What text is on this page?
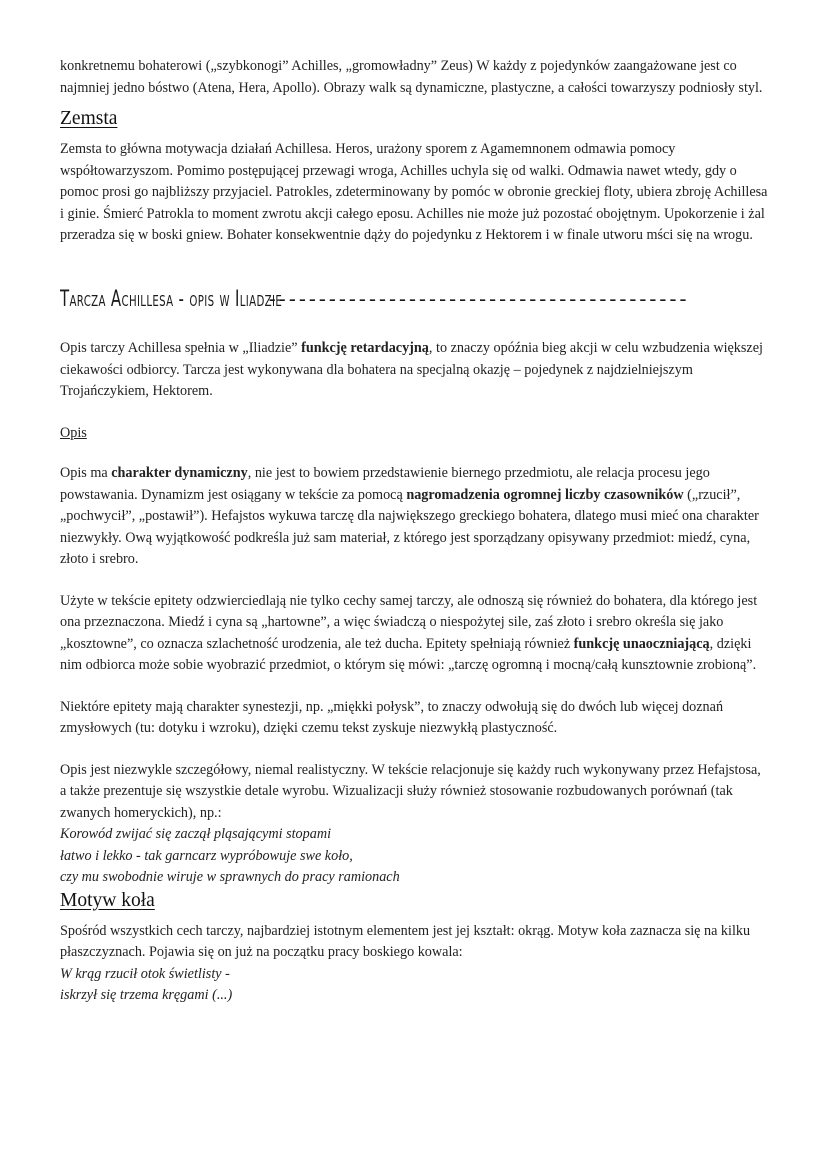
konkretnemu bohaterowi („szybkonogi” Achilles, „gromowładny” Zeus) W każdy z pojedynków zaangażowane jest co najmniej jedno bóstwo (Atena, Hera, Apollo). Obrazy walk są dynamiczne, plastyczne, a całości towarzyszy podniosły styl.

Zemsta

Zemsta to główna motywacja działań Achillesa. Heros, urażony sporem z Agamemnonem odmawia pomocy współtowarzyszom. Pomimo postępującej przewagi wroga, Achilles uchyla się od walki. Odmawia nawet wtedy, gdy o pomoc prosi go najbliższy przyjaciel. Patrokles, zdeterminowany by pomóc w obronie greckiej floty, ubiera zbroję Achillesa i ginie. Śmierć Patrokla to moment zwrotu akcji całego eposu. Achilles nie może już pozostać obojętnym. Upokorzenie i żal przeradza się w boski gniew. Bohater konsekwentnie dąży do pojedynku z Hektorem i w finale utworu mści się na wrogu.

Tarcza Achillesa - opis w Iliadzie
------------------------------------------

Opis tarczy Achillesa spełnia w „Iliadzie” funkcję retardacyjną, to znaczy opóźnia bieg akcji w celu wzbudzenia większej ciekawości odbiorcy. Tarcza jest wykonywana dla bohatera na specjalną okazję – pojedynek z najdzielniejszym Trojańczykiem, Hektorem.

Opis

Opis ma charakter dynamiczny, nie jest to bowiem przedstawienie biernego przedmiotu, ale relacja procesu jego powstawania. Dynamizm jest osiągany w tekście za pomocą nagromadzenia ogromnej liczby czasowników („rzucił”, „pochwycił”, „postawił”). Hefajstos wykuwa tarczę dla największego greckiego bohatera, dlatego musi mieć ona charakter niezwykły. Ową wyjątkowość podkreśla już sam materiał, z którego jest sporządzany opisywany przedmiot: miedź, cyna, złoto i srebro.

Użyte w tekście epitety odzwierciedlają nie tylko cechy samej tarczy, ale odnoszą się również do bohatera, dla którego jest ona przeznaczona. Miedź i cyna są „hartowne”, a więc świadczą o niespożytej sile, zaś złoto i srebro określa się jako „kosztowne”, co oznacza szlachetność urodzenia, ale też ducha. Epitety spełniają również funkcję unaoczniającą, dzięki nim odbiorca może sobie wyobrazić przedmiot, o którym się mówi: „tarczę ogromną i mocną/całą kunsztownie zrobioną”.

Niektóre epitety mają charakter synestezji, np. „miękki połysk”, to znaczy odwołują się do dwóch lub więcej doznań zmysłowych (tu: dotyku i wzroku), dzięki czemu tekst zyskuje niezwykłą plastyczność.

Opis jest niezwykle szczegółowy, niemal realistyczny. W tekście relacjonuje się każdy ruch wykonywany przez Hefajstosa, a także prezentuje się wszystkie detale wyrobu. Wizualizacji służy również stosowanie rozbudowanych porównań (tak zwanych homeryckich), np.:

Korowód zwijać się zaczął pląsającymi stopami

łatwo i lekko - tak garncarz wypróbowuje swe koło,

czy mu swobodnie wiruje w sprawnych do pracy ramionach

Motyw koła

Spośród wszystkich cech tarczy, najbardziej istotnym elementem jest jej kształt: okrąg. Motyw koła zaznacza się na kilku płaszczyznach. Pojawia się on już na początku pracy boskiego kowala:

W krąg rzucił otok świetlisty -

iskrzył się trzema kręgami (...)
